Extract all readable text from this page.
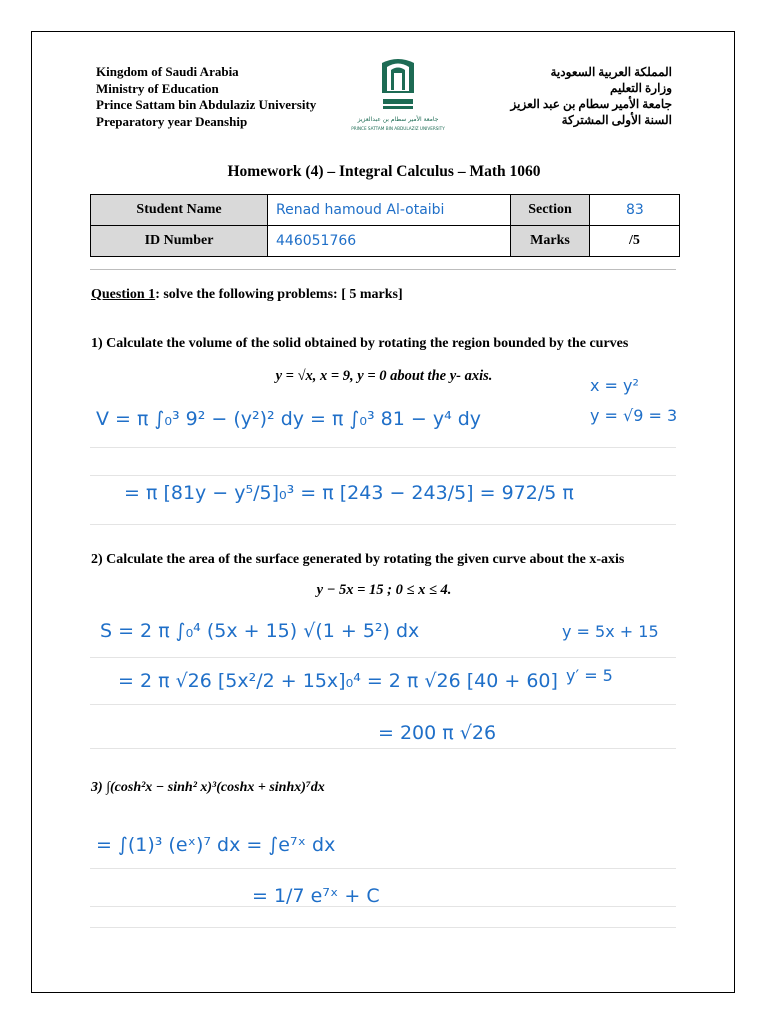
Kingdom of Saudi Arabia
Ministry of Education
Prince Sattam bin Abdulaziz University
Preparatory year Deanship	جامعة الأمير سطام بن عبدالعزيز
PRINCE SATTAM BIN ABDULAZIZ UNIVERSITY
المملكة العربية السعودية
وزارة التعليم
جامعة الأمير سطام بن عبد العزيز
السنة الأولى المشتركة
Homework (4) – Integral Calculus – Math 1060
Student Name	Renad hamoud Al-otaibi	Section	83
ID Number	446051766	Marks	/5
Question 1: solve the following problems: [ 5 marks]
1) Calculate the volume of the solid obtained by rotating the region bounded by the curves
y = √x, x = 9, y = 0 about the y- axis.	x = y²
V = π ∫₀³ 9² − (y²)² dy = π ∫₀³ 81 − y⁴ dy	y = √9 = 3
= π [81y − y⁵/5]₀³ = π [243 − 243/5] = 972/5 π
2) Calculate the area of the surface generated by rotating the given curve about the x-axis
y − 5x = 15 ; 0 ≤ x ≤ 4.
S = 2 π ∫₀⁴ (5x + 15) √(1 + 5²) dx	y = 5x + 15
= 2 π √26 [5x²/2 + 15x]₀⁴ = 2 π √26 [40 + 60] y′ = 5
= 200 π √26
3) ∫(cosh²x − sinh² x)³(coshx + sinhx)⁷dx
= ∫(1)³ (eˣ)⁷ dx = ∫e⁷ˣ dx
= 1/7 e⁷ˣ + C
